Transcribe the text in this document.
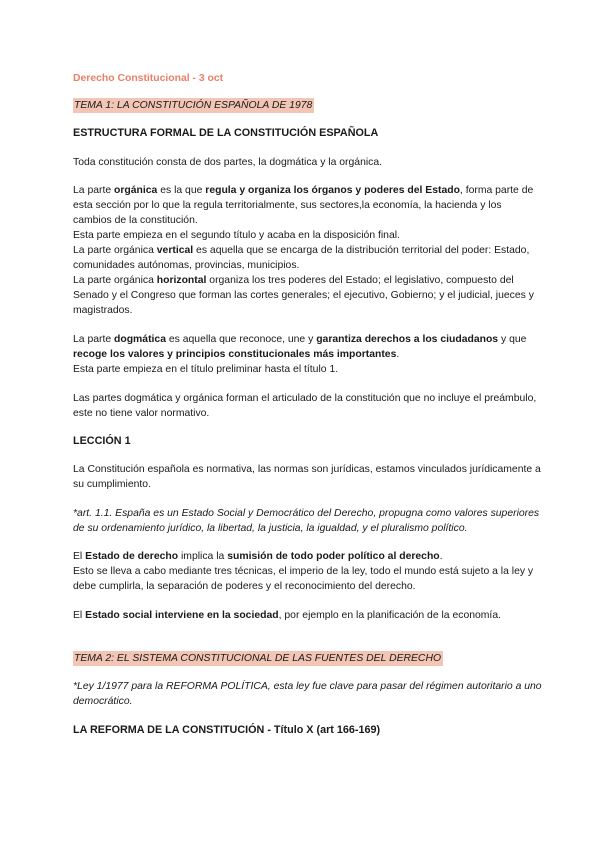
Derecho Constitucional - 3 oct

TEMA 1: LA CONSTITUCIÓN ESPAÑOLA DE 1978

ESTRUCTURA FORMAL DE LA CONSTITUCIÓN ESPAÑOLA

Toda constitución consta de dos partes, la dogmática y la orgánica.

La parte orgánica es la que regula y organiza los órganos y poderes del Estado, forma parte de esta sección por lo que la regula territorialmente, sus sectores,la economía, la hacienda y los cambios de la constitución.

Esta parte empieza en el segundo título y acaba en la disposición final.

La parte orgánica vertical es aquella que se encarga de la distribución territorial del poder: Estado, comunidades autónomas, provincias, municipios.

La parte orgánica horizontal organiza los tres poderes del Estado; el legislativo, compuesto del Senado y el Congreso que forman las cortes generales; el ejecutivo, Gobierno; y el judicial, jueces y magistrados.

La parte dogmática es aquella que reconoce, une y garantiza derechos a los ciudadanos y que recoge los valores y principios constitucionales más importantes.

Esta parte empieza en el título preliminar hasta el título 1.

Las partes dogmática y orgánica forman el articulado de la constitución que no incluye el preámbulo, este no tiene valor normativo.

LECCIÓN 1

La Constitución española es normativa, las normas son jurídicas, estamos vinculados jurídicamente a su cumplimiento.

*art. 1.1. España es un Estado Social y Democrático del Derecho, propugna como valores superiores de su ordenamiento jurídico, la libertad, la justicia, la igualdad, y el pluralismo político.

El Estado de derecho implica la sumisión de todo poder político al derecho.

Esto se lleva a cabo mediante tres técnicas, el imperio de la ley, todo el mundo está sujeto a la ley y debe cumplirla, la separación de poderes y el reconocimiento del derecho.

El Estado social interviene en la sociedad, por ejemplo en la planificación de la economía.

TEMA 2: EL SISTEMA CONSTITUCIONAL DE LAS FUENTES DEL DERECHO

*Ley 1/1977 para la REFORMA POLÍTICA, esta ley fue clave para pasar del régimen autoritario a uno democrático.

LA REFORMA DE LA CONSTITUCIÓN - Título X (art 166-169)
